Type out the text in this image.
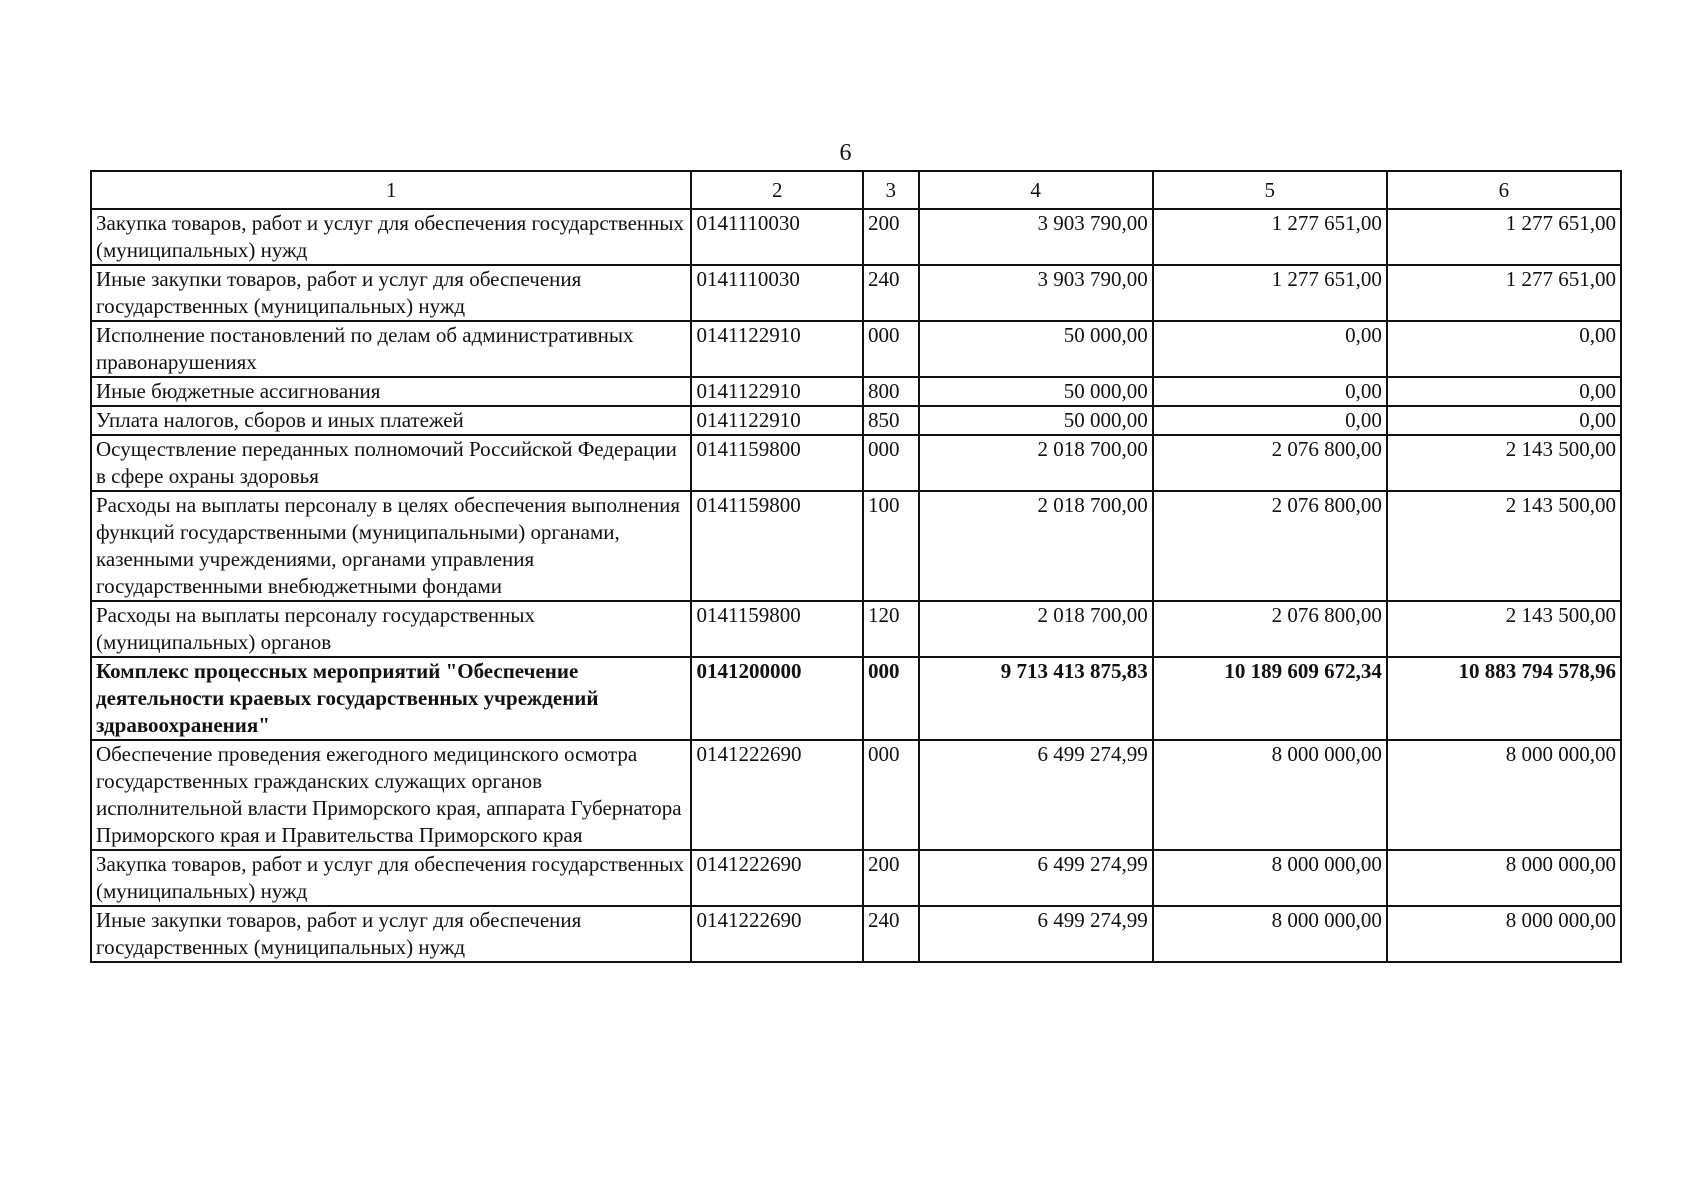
6
1	2	3	4	5	6
Закупка товаров, работ и услуг для обеспечения государственных (муниципальных) нужд	0141110030	200	3 903 790,00	1 277 651,00	1 277 651,00
Иные закупки товаров, работ и услуг для обеспечения государственных (муниципальных) нужд	0141110030	240	3 903 790,00	1 277 651,00	1 277 651,00
Исполнение постановлений по делам об административных правонарушениях	0141122910	000	50 000,00	0,00	0,00
Иные бюджетные ассигнования	0141122910	800	50 000,00	0,00	0,00
Уплата налогов, сборов и иных платежей	0141122910	850	50 000,00	0,00	0,00
Осуществление переданных полномочий Российской Федерации в сфере охраны здоровья	0141159800	000	2 018 700,00	2 076 800,00	2 143 500,00
Расходы на выплаты персоналу в целях обеспечения выполнения функций государственными (муниципальными) органами, казенными учреждениями, органами управления государственными внебюджетными фондами	0141159800	100	2 018 700,00	2 076 800,00	2 143 500,00
Расходы на выплаты персоналу государственных (муниципальных) органов	0141159800	120	2 018 700,00	2 076 800,00	2 143 500,00
Комплекс процессных мероприятий "Обеспечение деятельности краевых государственных учреждений здравоохранения"	0141200000	000	9 713 413 875,83	10 189 609 672,34	10 883 794 578,96
Обеспечение проведения ежегодного медицинского осмотра государственных гражданских служащих органов исполнительной власти Приморского края, аппарата Губернатора Приморского края и Правительства Приморского края	0141222690	000	6 499 274,99	8 000 000,00	8 000 000,00
Закупка товаров, работ и услуг для обеспечения государственных (муниципальных) нужд	0141222690	200	6 499 274,99	8 000 000,00	8 000 000,00
Иные закупки товаров, работ и услуг для обеспечения государственных (муниципальных) нужд	0141222690	240	6 499 274,99	8 000 000,00	8 000 000,00
